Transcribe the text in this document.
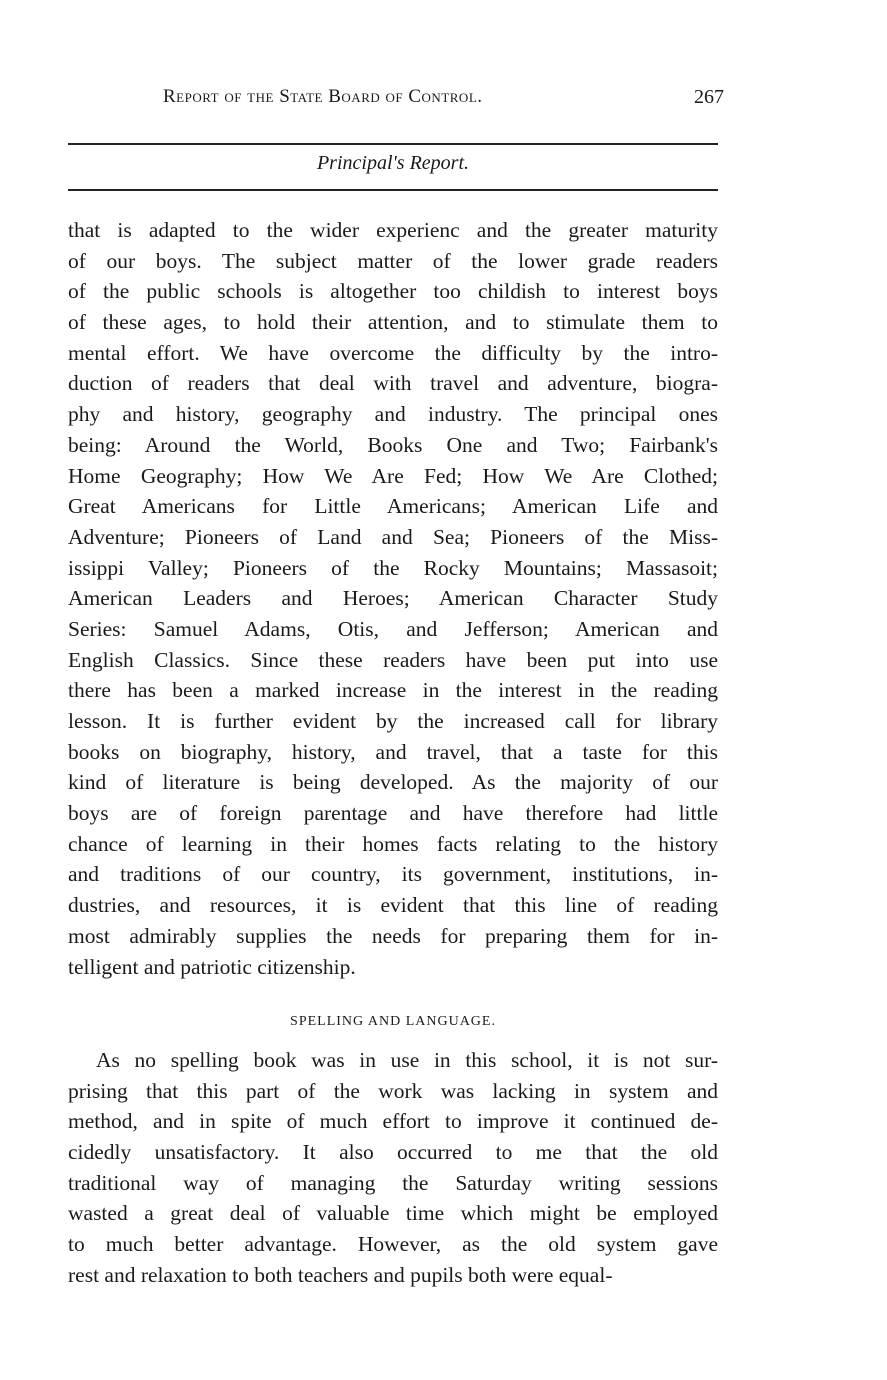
Report of the State Board of Control.	267
Principal's Report.
that is adapted to the wider experienc and the greater maturity
of our boys. The subject matter of the lower grade readers
of the public schools is altogether too childish to interest boys
of these ages, to hold their attention, and to stimulate them to
mental effort. We have overcome the difficulty by the intro-
duction of readers that deal with travel and adventure, biogra-
phy and history, geography and industry. The principal ones
being: Around the World, Books One and Two; Fairbank's
Home Geography; How We Are Fed; How We Are Clothed;
Great Americans for Little Americans; American Life and
Adventure; Pioneers of Land and Sea; Pioneers of the Miss-
issippi Valley; Pioneers of the Rocky Mountains; Massasoit;
American Leaders and Heroes; American Character Study
Series: Samuel Adams, Otis, and Jefferson; American and
English Classics. Since these readers have been put into use
there has been a marked increase in the interest in the reading
lesson. It is further evident by the increased call for library
books on biography, history, and travel, that a taste for this
kind of literature is being developed. As the majority of our
boys are of foreign parentage and have therefore had little
chance of learning in their homes facts relating to the history
and traditions of our country, its government, institutions, in-
dustries, and resources, it is evident that this line of reading
most admirably supplies the needs for preparing them for in-
telligent and patriotic citizenship.
SPELLING AND LANGUAGE.
As no spelling book was in use in this school, it is not sur-
prising that this part of the work was lacking in system and
method, and in spite of much effort to improve it continued de-
cidedly unsatisfactory. It also occurred to me that the old
traditional way of managing the Saturday writing sessions
wasted a great deal of valuable time which might be employed
to much better advantage. However, as the old system gave
rest and relaxation to both teachers and pupils both were equal-
